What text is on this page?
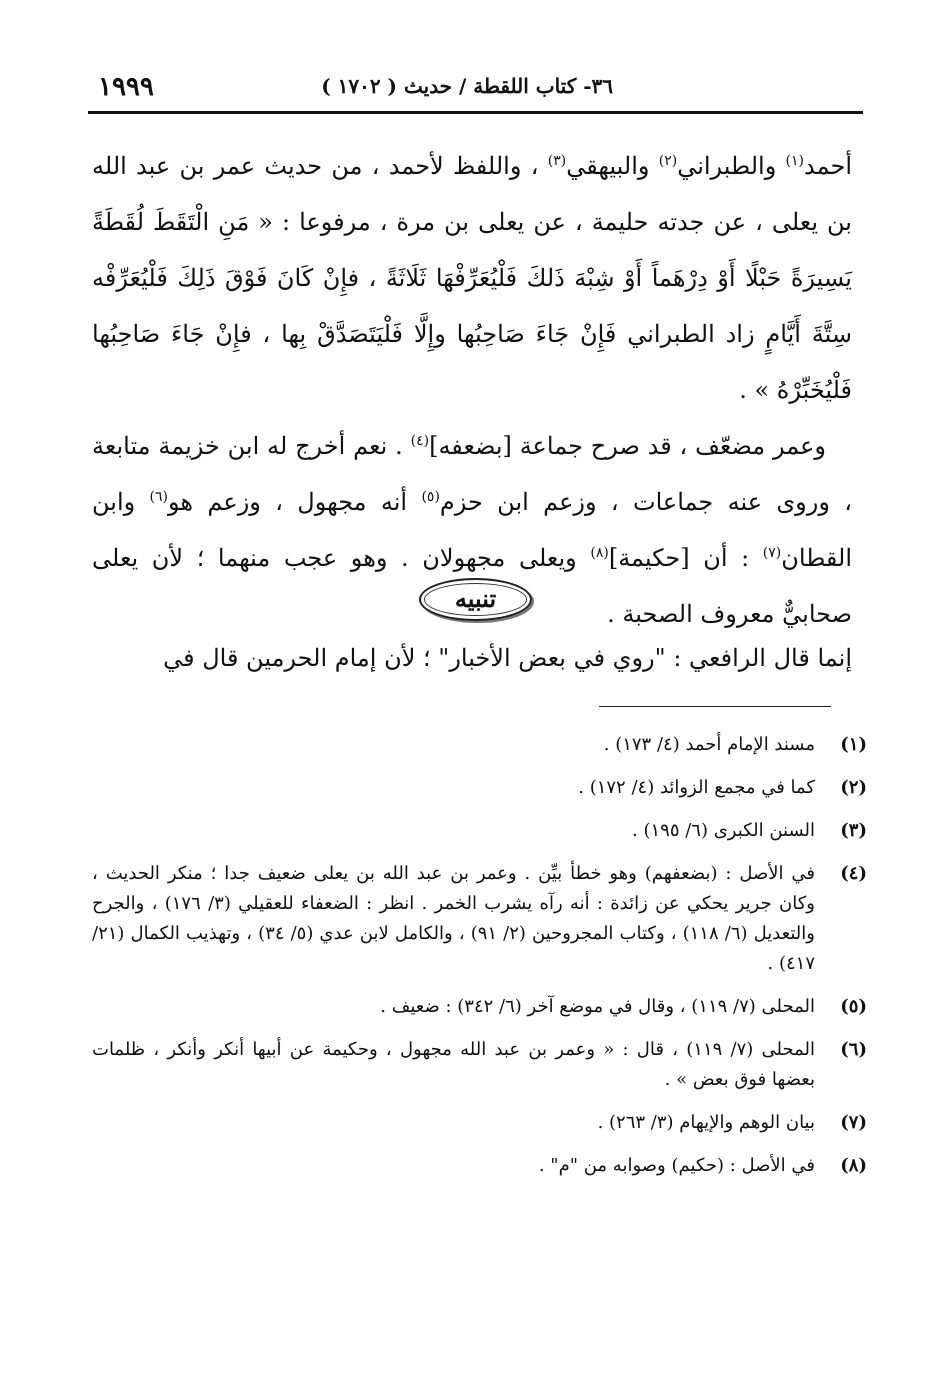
٣٦- كتاب اللقطة / حديث ( ١٧٠٢ )
١٩٩٩

أحمد$^{(١)}$ والطبراني$^{(٢)}$ والبيهقي$^{(٣)}$ ، واللفظ لأحمد ، من حديث عمر بن عبد الله بن يعلى ، عن جدته حليمة ، عن يعلى بن مرة ، مرفوعا : « مَنِ الْتَقَطَ لُقَطَةً يَسِيرَةً حَبْلًا أَوْ دِرْهَماً أَوْ شِبْهَ ذَلكَ فَلْيُعَرِّفْهَا ثَلَاثَةً ، فإِنْ كَانَ فَوْقَ ذَلِكَ فَلْيُعَرِّفْه سِتَّةَ أَيَّامٍ زاد الطبراني فَإِنْ جَاءَ صَاحِبُها وإِلَّا فَلْيَتَصَدَّقْ بِها ، فإِنْ جَاءَ صَاحِبُها فَلْيُخَبِّرْهُ » .

وعمر مضعّف ، قد صرح جماعة [بضعفه]$^{(٤)}$ . نعم أخرج له ابن خزيمة متابعة ، وروى عنه جماعات ، وزعم ابن حزم$^{(٥)}$ أنه مجهول ، وزعم هو$^{(٦)}$ وابن القطان$^{(٧)}$ : أن [حكيمة]$^{(٨)}$ ويعلى مجهولان . وهو عجب منهما ؛ لأن يعلى صحابيٌّ معروف الصحبة .

تنبيه

إنما قال الرافعي : "روي في بعض الأخبار" ؛ لأن إمام الحرمين قال في

(١)
مسند الإمام أحمد (٤/ ١٧٣) .
(٢)
كما في مجمع الزوائد (٤/ ١٧٢) .
(٣)
السنن الكبرى (٦/ ١٩٥) .
(٤)
في الأصل : (بضعفهم) وهو خطأ بيِّن . وعمر بن عبد الله بن يعلى ضعيف جدا ؛ منكر الحديث ، وكان جرير يحكي عن زائدة : أنه رآه يشرب الخمر . انظر : الضعفاء للعقيلي (٣/ ١٧٦) ، والجرح والتعديل (٦/ ١١٨) ، وكتاب المجروحين (٢/ ٩١) ، والكامل لابن عدي (٥/ ٣٤) ، وتهذيب الكمال (٢١/ ٤١٧) .
(٥)
المحلى (٧/ ١١٩) ، وقال في موضع آخر (٦/ ٣٤٢) : ضعيف .
(٦)
المحلى (٧/ ١١٩) ، قال : « وعمر بن عبد الله مجهول ، وحكيمة عن أبيها أنكر وأنكر ، ظلمات بعضها فوق بعض » .
(٧)
بيان الوهم والإيهام (٣/ ٢٦٣) .
(٨)
في الأصل : (حكيم) وصوابه من "م" .
